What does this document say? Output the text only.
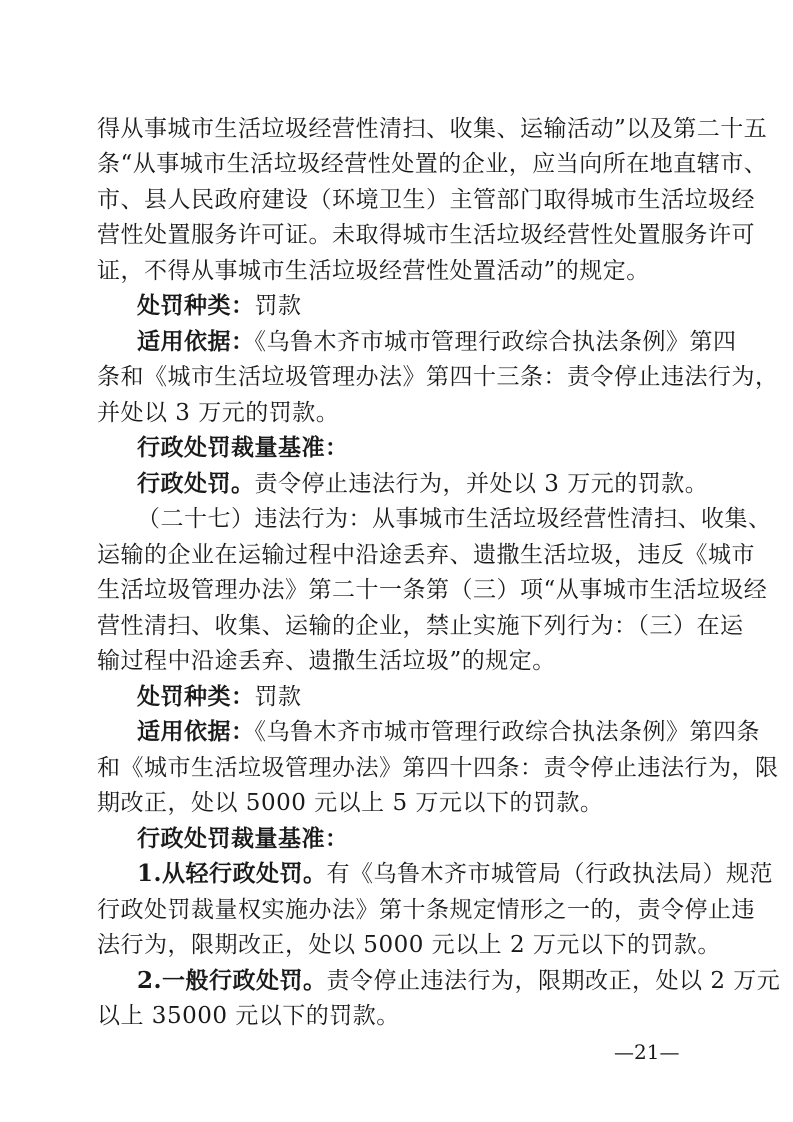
得从事城市生活垃圾经营性清扫、收集、运输活动”以及第二十五
条“从事城市生活垃圾经营性处置的企业，应当向所在地直辖市、
市、县人民政府建设（环境卫生）主管部门取得城市生活垃圾经
营性处置服务许可证。未取得城市生活垃圾经营性处置服务许可
证，不得从事城市生活垃圾经营性处置活动”的规定。
处罚种类：罚款
适用依据：《乌鲁木齐市城市管理行政综合执法条例》第四
条和《城市生活垃圾管理办法》第四十三条：责令停止违法行为，
并处以 3 万元的罚款。
行政处罚裁量基准：
行政处罚。责令停止违法行为，并处以 3 万元的罚款。
（二十七）违法行为：从事城市生活垃圾经营性清扫、收集、
运输的企业在运输过程中沿途丢弃、遗撒生活垃圾，违反《城市
生活垃圾管理办法》第二十一条第（三）项“从事城市生活垃圾经
营性清扫、收集、运输的企业，禁止实施下列行为：（三）在运
输过程中沿途丢弃、遗撒生活垃圾”的规定。
处罚种类：罚款
适用依据：《乌鲁木齐市城市管理行政综合执法条例》第四条
和《城市生活垃圾管理办法》第四十四条：责令停止违法行为，限
期改正，处以 5000 元以上 5 万元以下的罚款。
行政处罚裁量基准：
1.从轻行政处罚。有《乌鲁木齐市城管局（行政执法局）规范
行政处罚裁量权实施办法》第十条规定情形之一的，责令停止违
法行为，限期改正，处以 5000 元以上 2 万元以下的罚款。
2.一般行政处罚。责令停止违法行为，限期改正，处以 2 万元
以上 35000 元以下的罚款。
—21—
